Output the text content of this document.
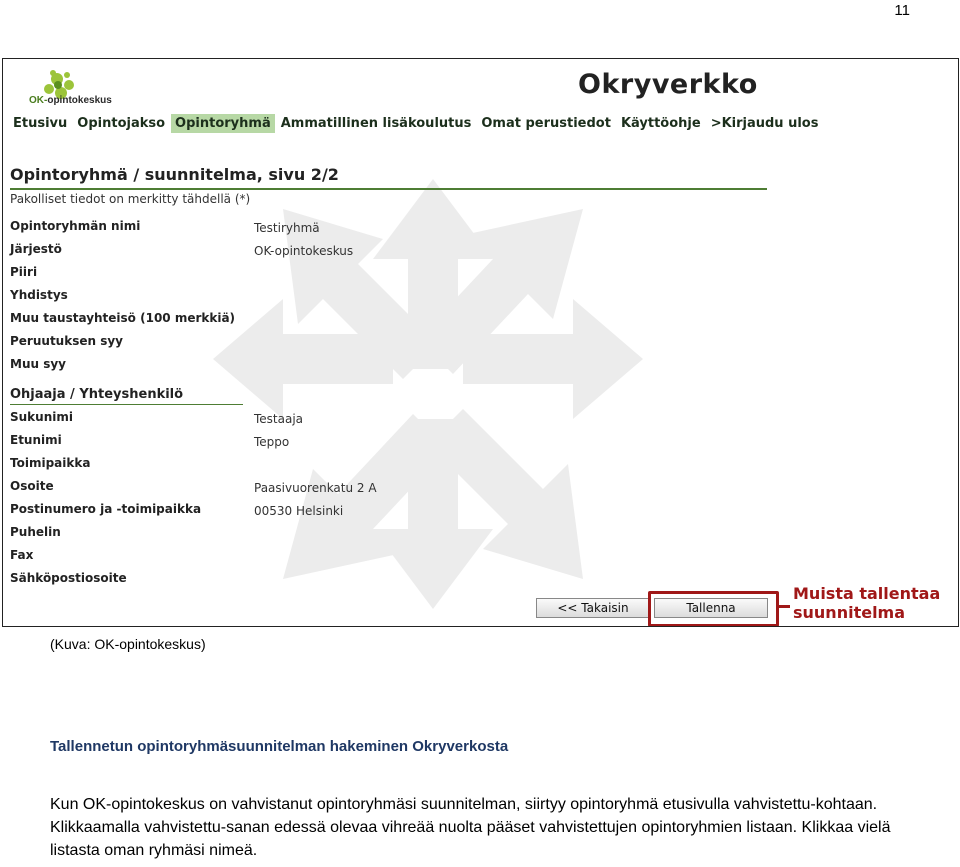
11
OK-opintokeskus
Okryverkko
Etusivu Opintojakso Opintoryhmä Ammatillinen lisäkoulutus Omat perustiedot Käyttöohje >Kirjaudu ulos
Opintoryhmä / suunnitelma, sivu 2/2
Pakolliset tiedot on merkitty tähdellä (*)
Opintoryhmän nimi	Testiryhmä
Järjestö	OK-opintokeskus
Piiri
Yhdistys
Muu taustayhteisö (100 merkkiä)
Peruutuksen syy
Muu syy
Ohjaaja / Yhteyshenkilö
Sukunimi	Testaaja
Etunimi	Teppo
Toimipaikka
Osoite	Paasivuorenkatu 2 A
Postinumero ja -toimipaikka	00530 Helsinki
Puhelin
Fax
Sähköpostiosoite
<< Takaisin	Tallenna
Muista tallentaa
suunnitelma
(Kuva: OK-opintokeskus)
Tallennetun opintoryhmäsuunnitelman hakeminen Okryverkosta
Kun OK-opintokeskus on vahvistanut opintoryhmäsi suunnitelman, siirtyy opintoryhmä etusivulla vahvistettu-kohtaan. Klikkaamalla vahvistettu-sanan edessä olevaa vihreää nuolta pääset vahvistettujen opintoryhmien listaan. Klikkaa vielä listasta oman ryhmäsi nimeä.
